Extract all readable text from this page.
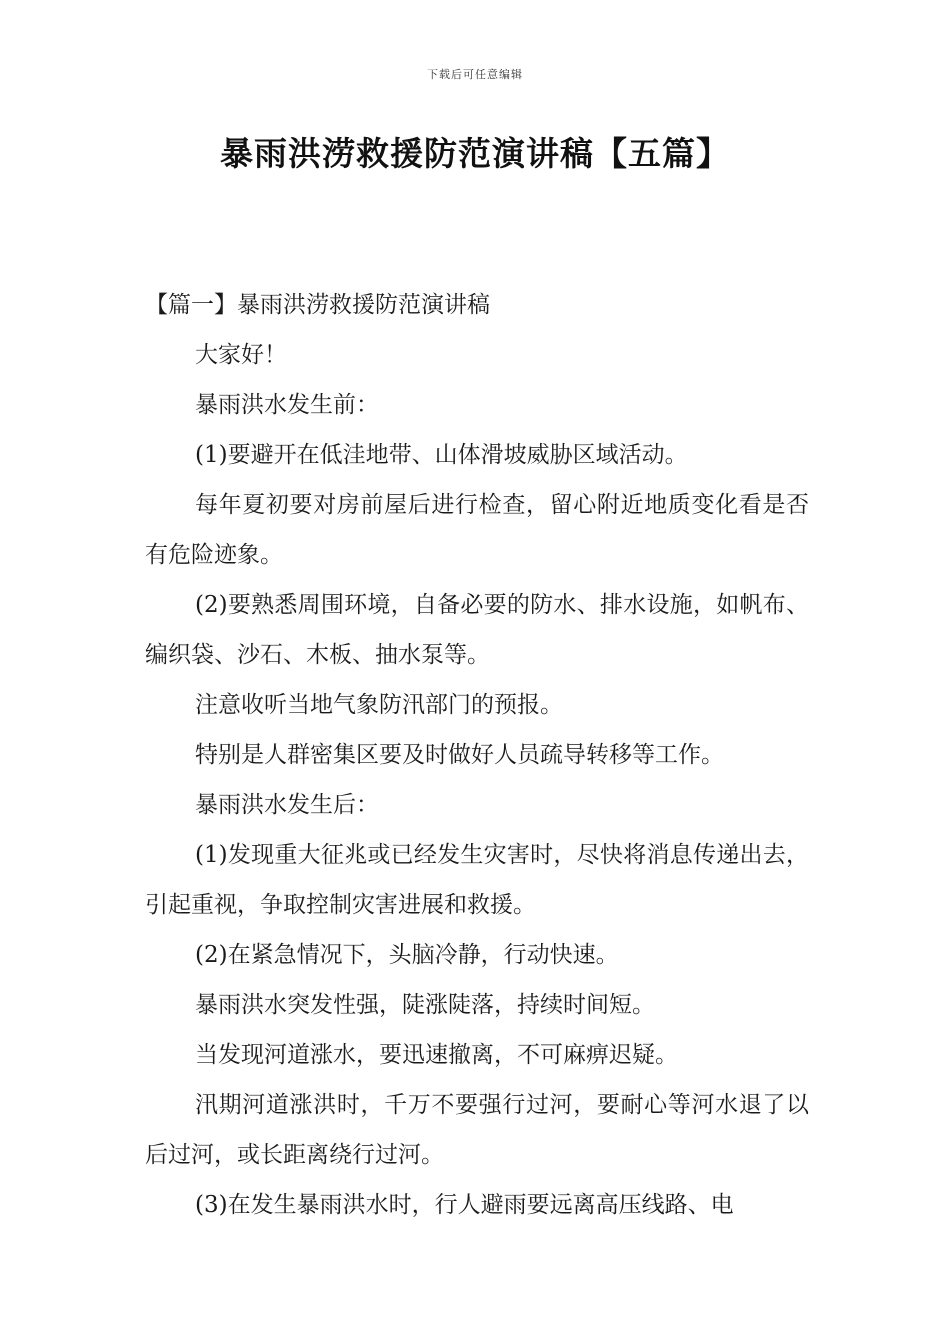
下载后可任意编辑
暴雨洪涝救援防范演讲稿【五篇】

【篇一】暴雨洪涝救援防范演讲稿

大家好！

暴雨洪水发生前：

(1)要避开在低洼地带、山体滑坡威胁区域活动。

每年夏初要对房前屋后进行检查，留心附近地质变化看是否有危险迹象。

(2)要熟悉周围环境，自备必要的防水、排水设施，如帆布、编织袋、沙石、木板、抽水泵等。

注意收听当地气象防汛部门的预报。

特别是人群密集区要及时做好人员疏导转移等工作。

暴雨洪水发生后：

(1)发现重大征兆或已经发生灾害时，尽快将消息传递出去，引起重视，争取控制灾害进展和救援。

(2)在紧急情况下，头脑冷静，行动快速。

暴雨洪水突发性强，陡涨陡落，持续时间短。

当发现河道涨水，要迅速撤离，不可麻痹迟疑。

汛期河道涨洪时，千万不要强行过河，要耐心等河水退了以后过河，或长距离绕行过河。

(3)在发生暴雨洪水时，行人避雨要远离高压线路、电
